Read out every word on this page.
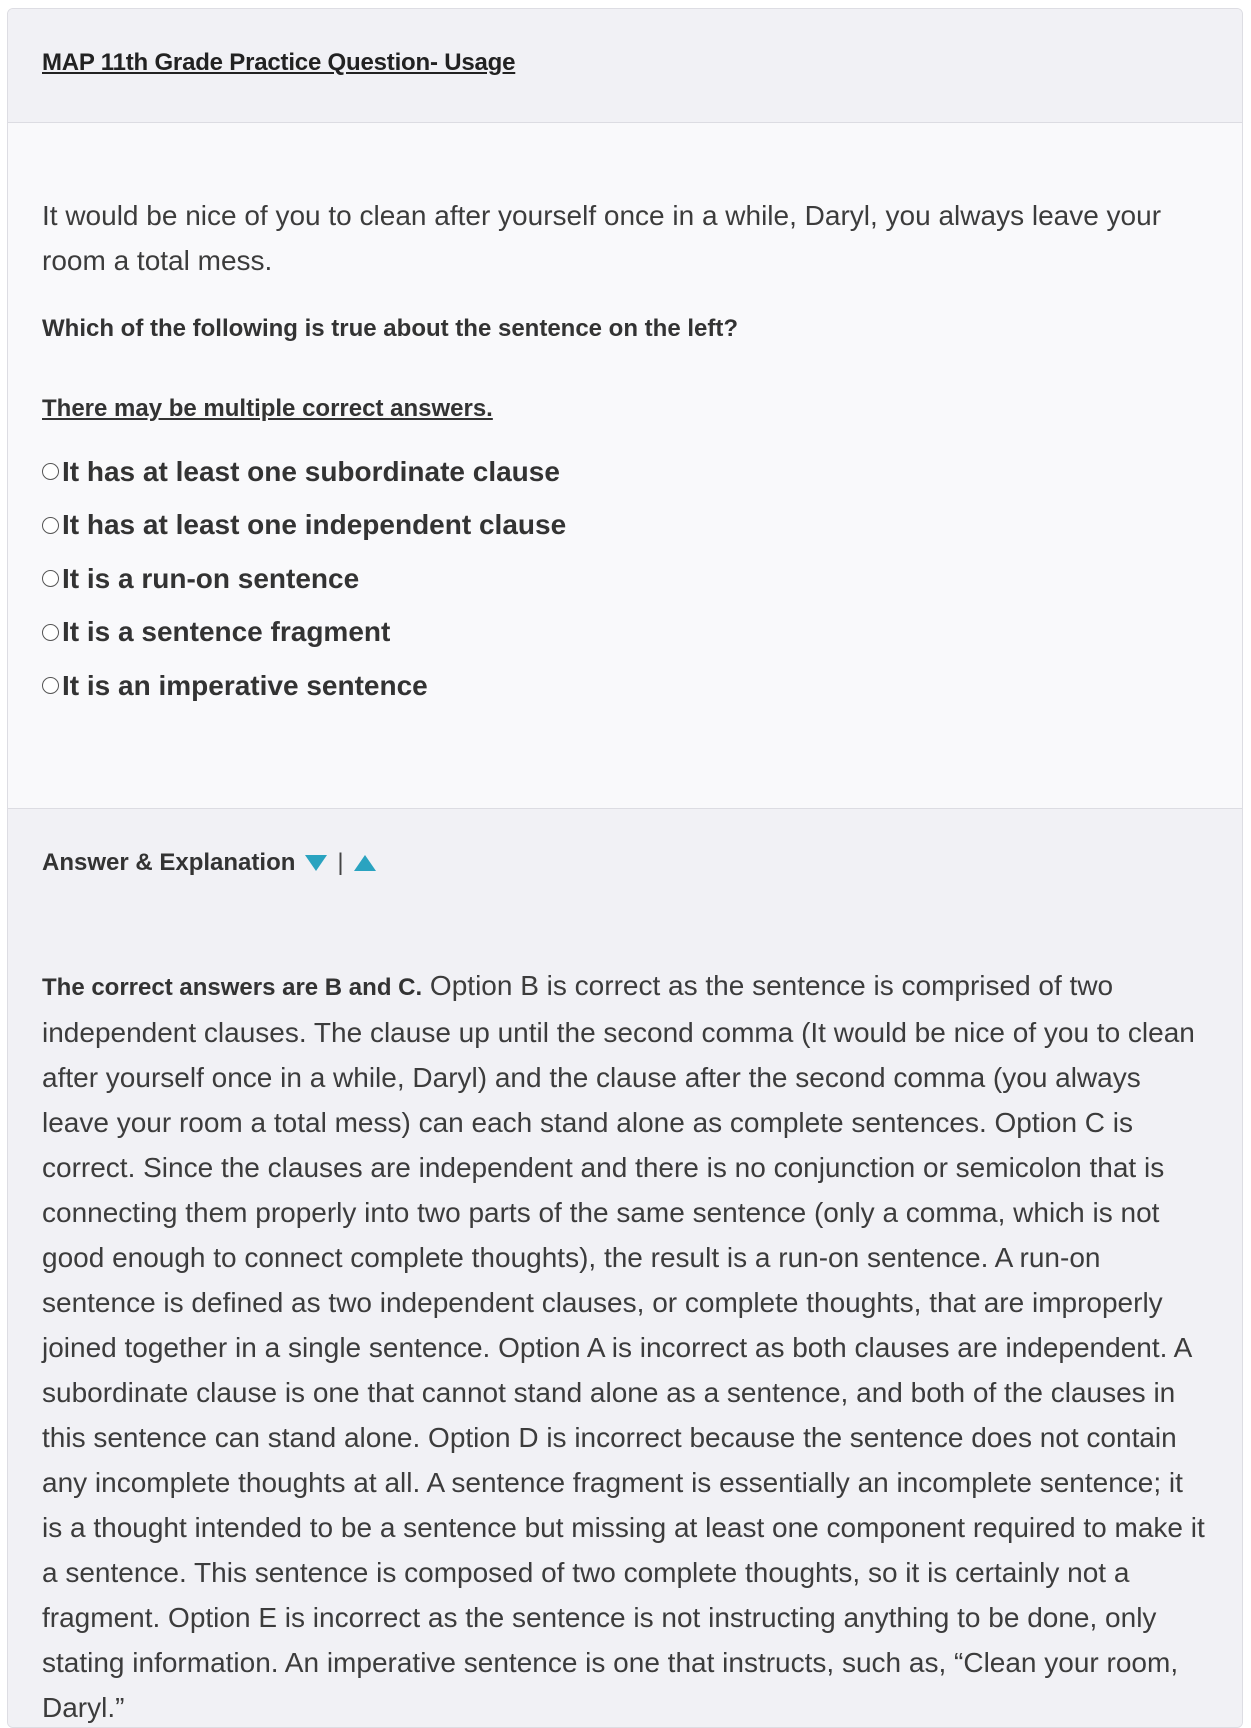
MAP 11th Grade Practice Question- Usage

It would be nice of you to clean after yourself once in a while, Daryl, you always leave your room a total mess.

Which of the following is true about the sentence on the left?

There may be multiple correct answers.

It has at least one subordinate clause
It has at least one independent clause
It is a run-on sentence
It is a sentence fragment
It is an imperative sentence
Answer & Explanation |

The correct answers are B and C. Option B is correct as the sentence is comprised of two independent clauses. The clause up until the second comma (It would be nice of you to clean after yourself once in a while, Daryl) and the clause after the second comma (you always leave your room a total mess) can each stand alone as complete sentences. Option C is correct. Since the clauses are independent and there is no conjunction or semicolon that is connecting them properly into two parts of the same sentence (only a comma, which is not good enough to connect complete thoughts), the result is a run-on sentence. A run-on sentence is defined as two independent clauses, or complete thoughts, that are improperly joined together in a single sentence. Option A is incorrect as both clauses are independent. A subordinate clause is one that cannot stand alone as a sentence, and both of the clauses in this sentence can stand alone. Option D is incorrect because the sentence does not contain any incomplete thoughts at all. A sentence fragment is essentially an incomplete sentence; it is a thought intended to be a sentence but missing at least one component required to make it a sentence. This sentence is composed of two complete thoughts, so it is certainly not a fragment. Option E is incorrect as the sentence is not instructing anything to be done, only stating information. An imperative sentence is one that instructs, such as, “Clean your room, Daryl.”
